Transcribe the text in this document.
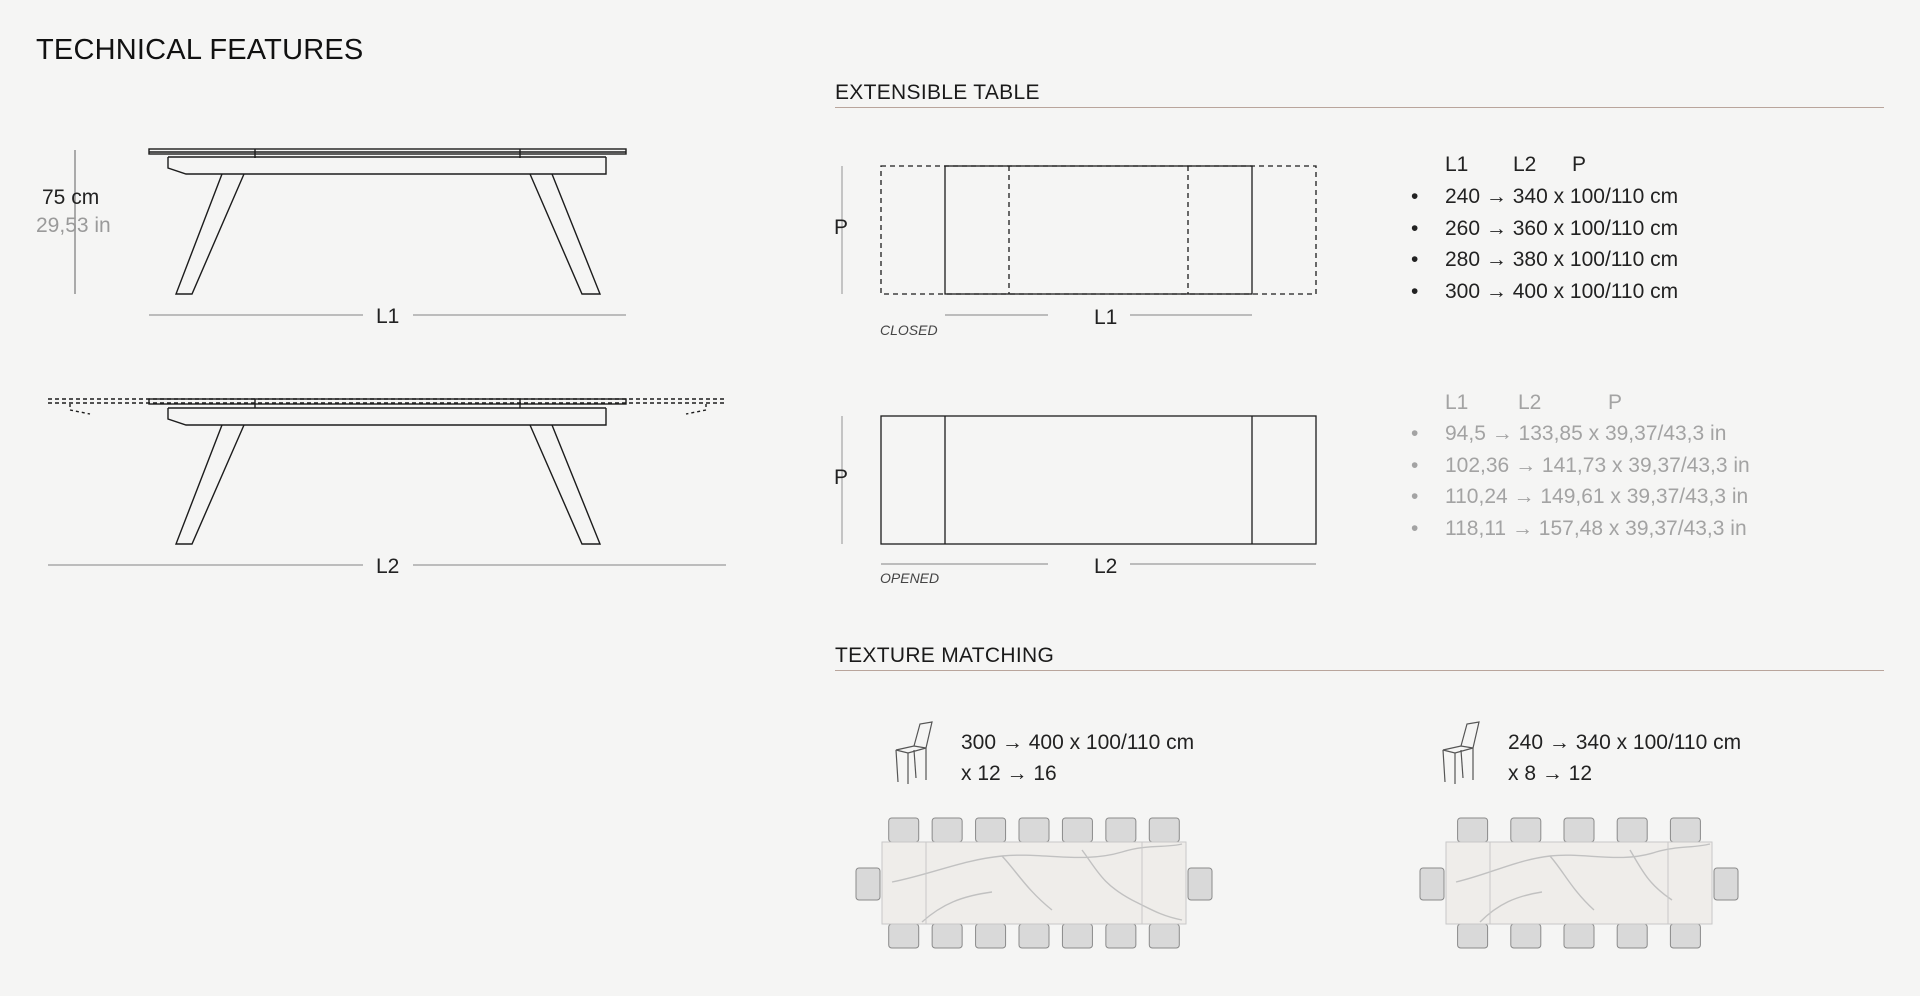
TECHNICAL FEATURES
75 cm
29,53 in
L1
L2
EXTENSIBLE TABLE
P
L1
CLOSED
P
L2
OPENED
L1 L2 P
• 240 → 340 x 100/110 cm
• 260 → 360 x 100/110 cm
• 280 → 380 x 100/110 cm
• 300 → 400 x 100/110 cm
L1 L2	P
• 94,5 → 133,85 x 39,37/43,3 in
• 102,36 → 141,73 x 39,37/43,3 in
• 110,24 → 149,61 x 39,37/43,3 in
• 118,11 → 157,48 x 39,37/43,3 in
TEXTURE MATCHING
300 → 400 x 100/110 cm
x 12 → 16
240 → 340 x 100/110 cm
x 8 → 12
